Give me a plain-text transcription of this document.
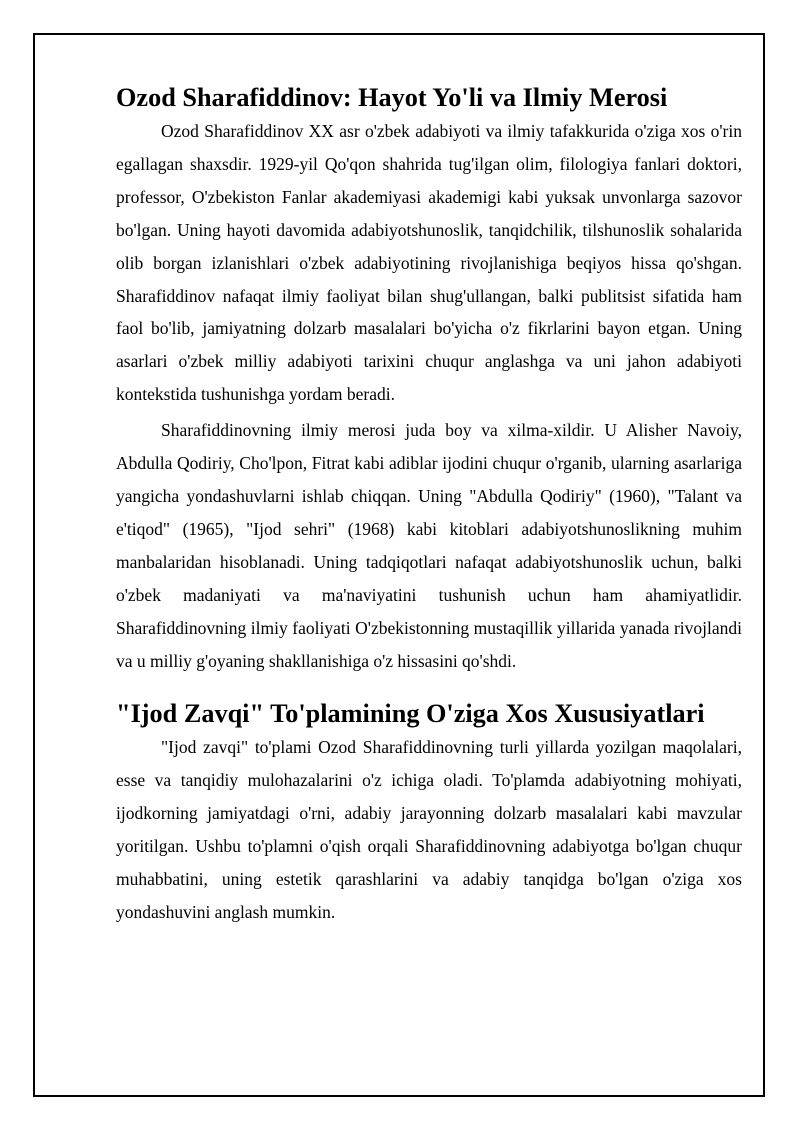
Ozod Sharafiddinov: Hayot Yo'li va Ilmiy Merosi

Ozod Sharafiddinov XX asr o'zbek adabiyoti va ilmiy tafakkurida o'ziga xos o'rin egallagan shaxsdir. 1929-yil Qo'qon shahrida tug'ilgan olim, filologiya fanlari doktori, professor, O'zbekiston Fanlar akademiyasi akademigi kabi yuksak unvonlarga sazovor bo'lgan. Uning hayoti davomida adabiyotshunoslik, tanqidchilik, tilshunoslik sohalarida olib borgan izlanishlari o'zbek adabiyotining rivojlanishiga beqiyos hissa qo'shgan. Sharafiddinov nafaqat ilmiy faoliyat bilan shug'ullangan, balki publitsist sifatida ham faol bo'lib, jamiyatning dolzarb masalalari bo'yicha o'z fikrlarini bayon etgan. Uning asarlari o'zbek milliy adabiyoti tarixini chuqur anglashga va uni jahon adabiyoti kontekstida tushunishga yordam beradi.

Sharafiddinovning ilmiy merosi juda boy va xilma-xildir. U Alisher Navoiy, Abdulla Qodiriy, Cho'lpon, Fitrat kabi adiblar ijodini chuqur o'rganib, ularning asarlariga yangicha yondashuvlarni ishlab chiqqan. Uning "Abdulla Qodiriy" (1960), "Talant va e'tiqod" (1965), "Ijod sehri" (1968) kabi kitoblari adabiyotshunoslikning muhim manbalaridan hisoblanadi. Uning tadqiqotlari nafaqat adabiyotshunoslik uchun, balki o'zbek madaniyati va ma'naviyatini tushunish uchun ham ahamiyatlidir. Sharafiddinovning ilmiy faoliyati O'zbekistonning mustaqillik yillarida yanada rivojlandi va u milliy g'oyaning shakllanishiga o'z hissasini qo'shdi.

"Ijod Zavqi" To'plamining O'ziga Xos Xususiyatlari

"Ijod zavqi" to'plami Ozod Sharafiddinovning turli yillarda yozilgan maqolalari, esse va tanqidiy mulohazalarini o'z ichiga oladi. To'plamda adabiyotning mohiyati, ijodkorning jamiyatdagi o'rni, adabiy jarayonning dolzarb masalalari kabi mavzular yoritilgan. Ushbu to'plamni o'qish orqali Sharafiddinovning adabiyotga bo'lgan chuqur muhabbatini, uning estetik qarashlarini va adabiy tanqidga bo'lgan o'ziga xos yondashuvini anglash mumkin.
